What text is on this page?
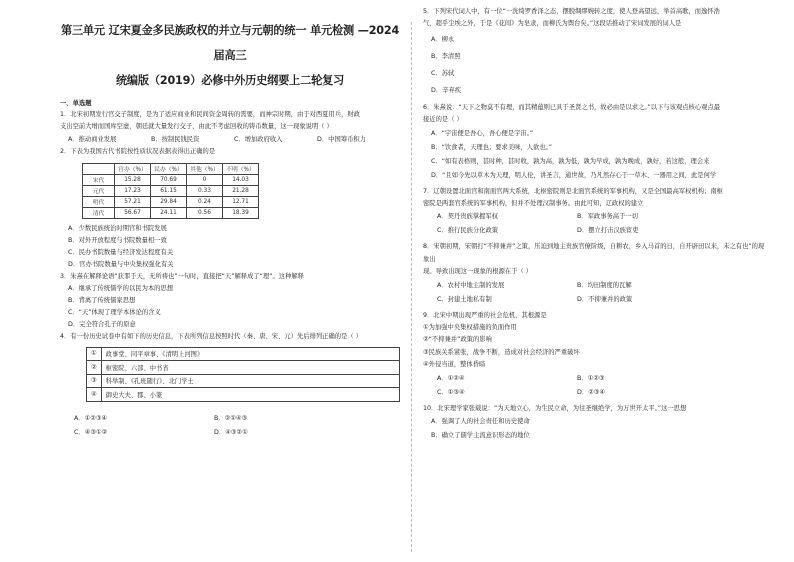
第三单元 辽宋夏金多民族政权的并立与元朝的统一 单元检测 —2024届高三
统编版（2019）必修中外历史纲要上二轮复习
一、单选题
1．北宋初期发行官交子制度，是为了适应商业和民间资金周转的需要，而神宗时期，由于对西夏用兵，财政
支出空前大增而国库空虚，朝廷就大量发行交子，由此不考虑回收的铸币数量，这一现象说明（ ）
A．推动商业发展	B．按制民钱民资	C．增加政府收入	D．中国筹币积力
2．下表为我国古代书院按性质状况表据表得出正确的是
	官办（%）	民办（%）	其他（%）	不明（%）
宋代	15.28	70.69	0	14.03
元代	17.23	61.15	0.33	21.28
明代	57.21	29.84	0.24	12.71
清代	56.67	24.11	0.56	18.39
A．少数民族统治时期官和书院发展
B．对外开放程度与书院数量相一致
C．民办书院数量与经济发达程度有关
D．官办书院数量与中央集权强化有关
3．朱熹在解释论语“获罪于天，无所祷也”一句时，直接把“天”解释成了“理”。这种解释
A．继承了传统儒学的以民为本的思想
B．背离了传统儒家思想
C．“天”体现了理学本体论的含义
D．完全符合孔子的原意
4．有一份历史试卷中有如下的历史信息，下表所列信息按照时代（秦、唐、宋、元）先后排列正确的是（ ）
①	政事堂、同平章事、《清明上河图》
②	枢密院、六部、中书省
③	科举制、《孔班随行》、北门学士
④	御史大夫、郡、小篆
A．①②③④	B．②①④③
C．④③①②	D．④③②①
5．下列宋代词人中，有一位“一洗绮罗香泽之态，摆脱绸缪婉转之度，使人登高望远，举首高歌，而逸怀浩
气，超乎尘埃之外，于是《花间》为皂隶，而柳氏为舆台矣。”这段话推动了宋词发展的词人是
A．柳永
B．李清照
C．苏轼
D．辛弃疾
6．朱熹说：“天下之物莫不有理，而其精蕴则已具于圣贤之书，故必由是以求之。”以下与该观点核心观点最
接近的是（ ）
A．“宇宙便是吾心，吾心便是宇宙。”
B．“饮食者，天理也；要求美味，人欲也。”
C．“如有表格则，甚时种，甚时收，孰为高，孰为低，孰为早成，孰为晚成，孰好，若这般，理会来
D．“且如今先以草木为天理，明人伦，讲圣言，通世故，乃凡然存心于一草木、一器用之间，此是何学
7．辽朝设置北面官和南面官两大系统，北枢密院则是北面官系统的军事机构，又是全国最高军权机构；南枢
密院是两套官系统的军事机构，但并不处理汉制事务。由此可知，辽政权的建立
A．契丹贵族掌握军权	B．军政事务高于一切
C．推行民族分化政策	D．摆立打击汉族宦吏
8．宋朝初期，宋朝打“不抑兼并”之策，压迫到地主贵族官僚阶级，自耕农，乡入马首的日，自开辟田以来，未之有也”的现象出
现。导致出现这一现象的根源在于（ ）
A．农村中地主制的发展	B．均田制度的瓦解
C．封建土地私有制	D．不抑兼并的政策
9．北宋中期出现严重的社会危机，其根源是
①为加强中央集权措施的负面作用
②“不抑兼并”政策的影响
③民族关系紧张，战争不断，造成对社会经济的严重破坏
④外侵当道，整体昏暗
A．①②④	B．①②③
C．①③④	D．②③④
10．北宋理学家张载说：“为天地立心，为生民立命，为往圣继绝学，为万世开太平。”这一思想
A．强调了人的社会责任和历史使命
B．确立了儒学主流意识形态的地位
